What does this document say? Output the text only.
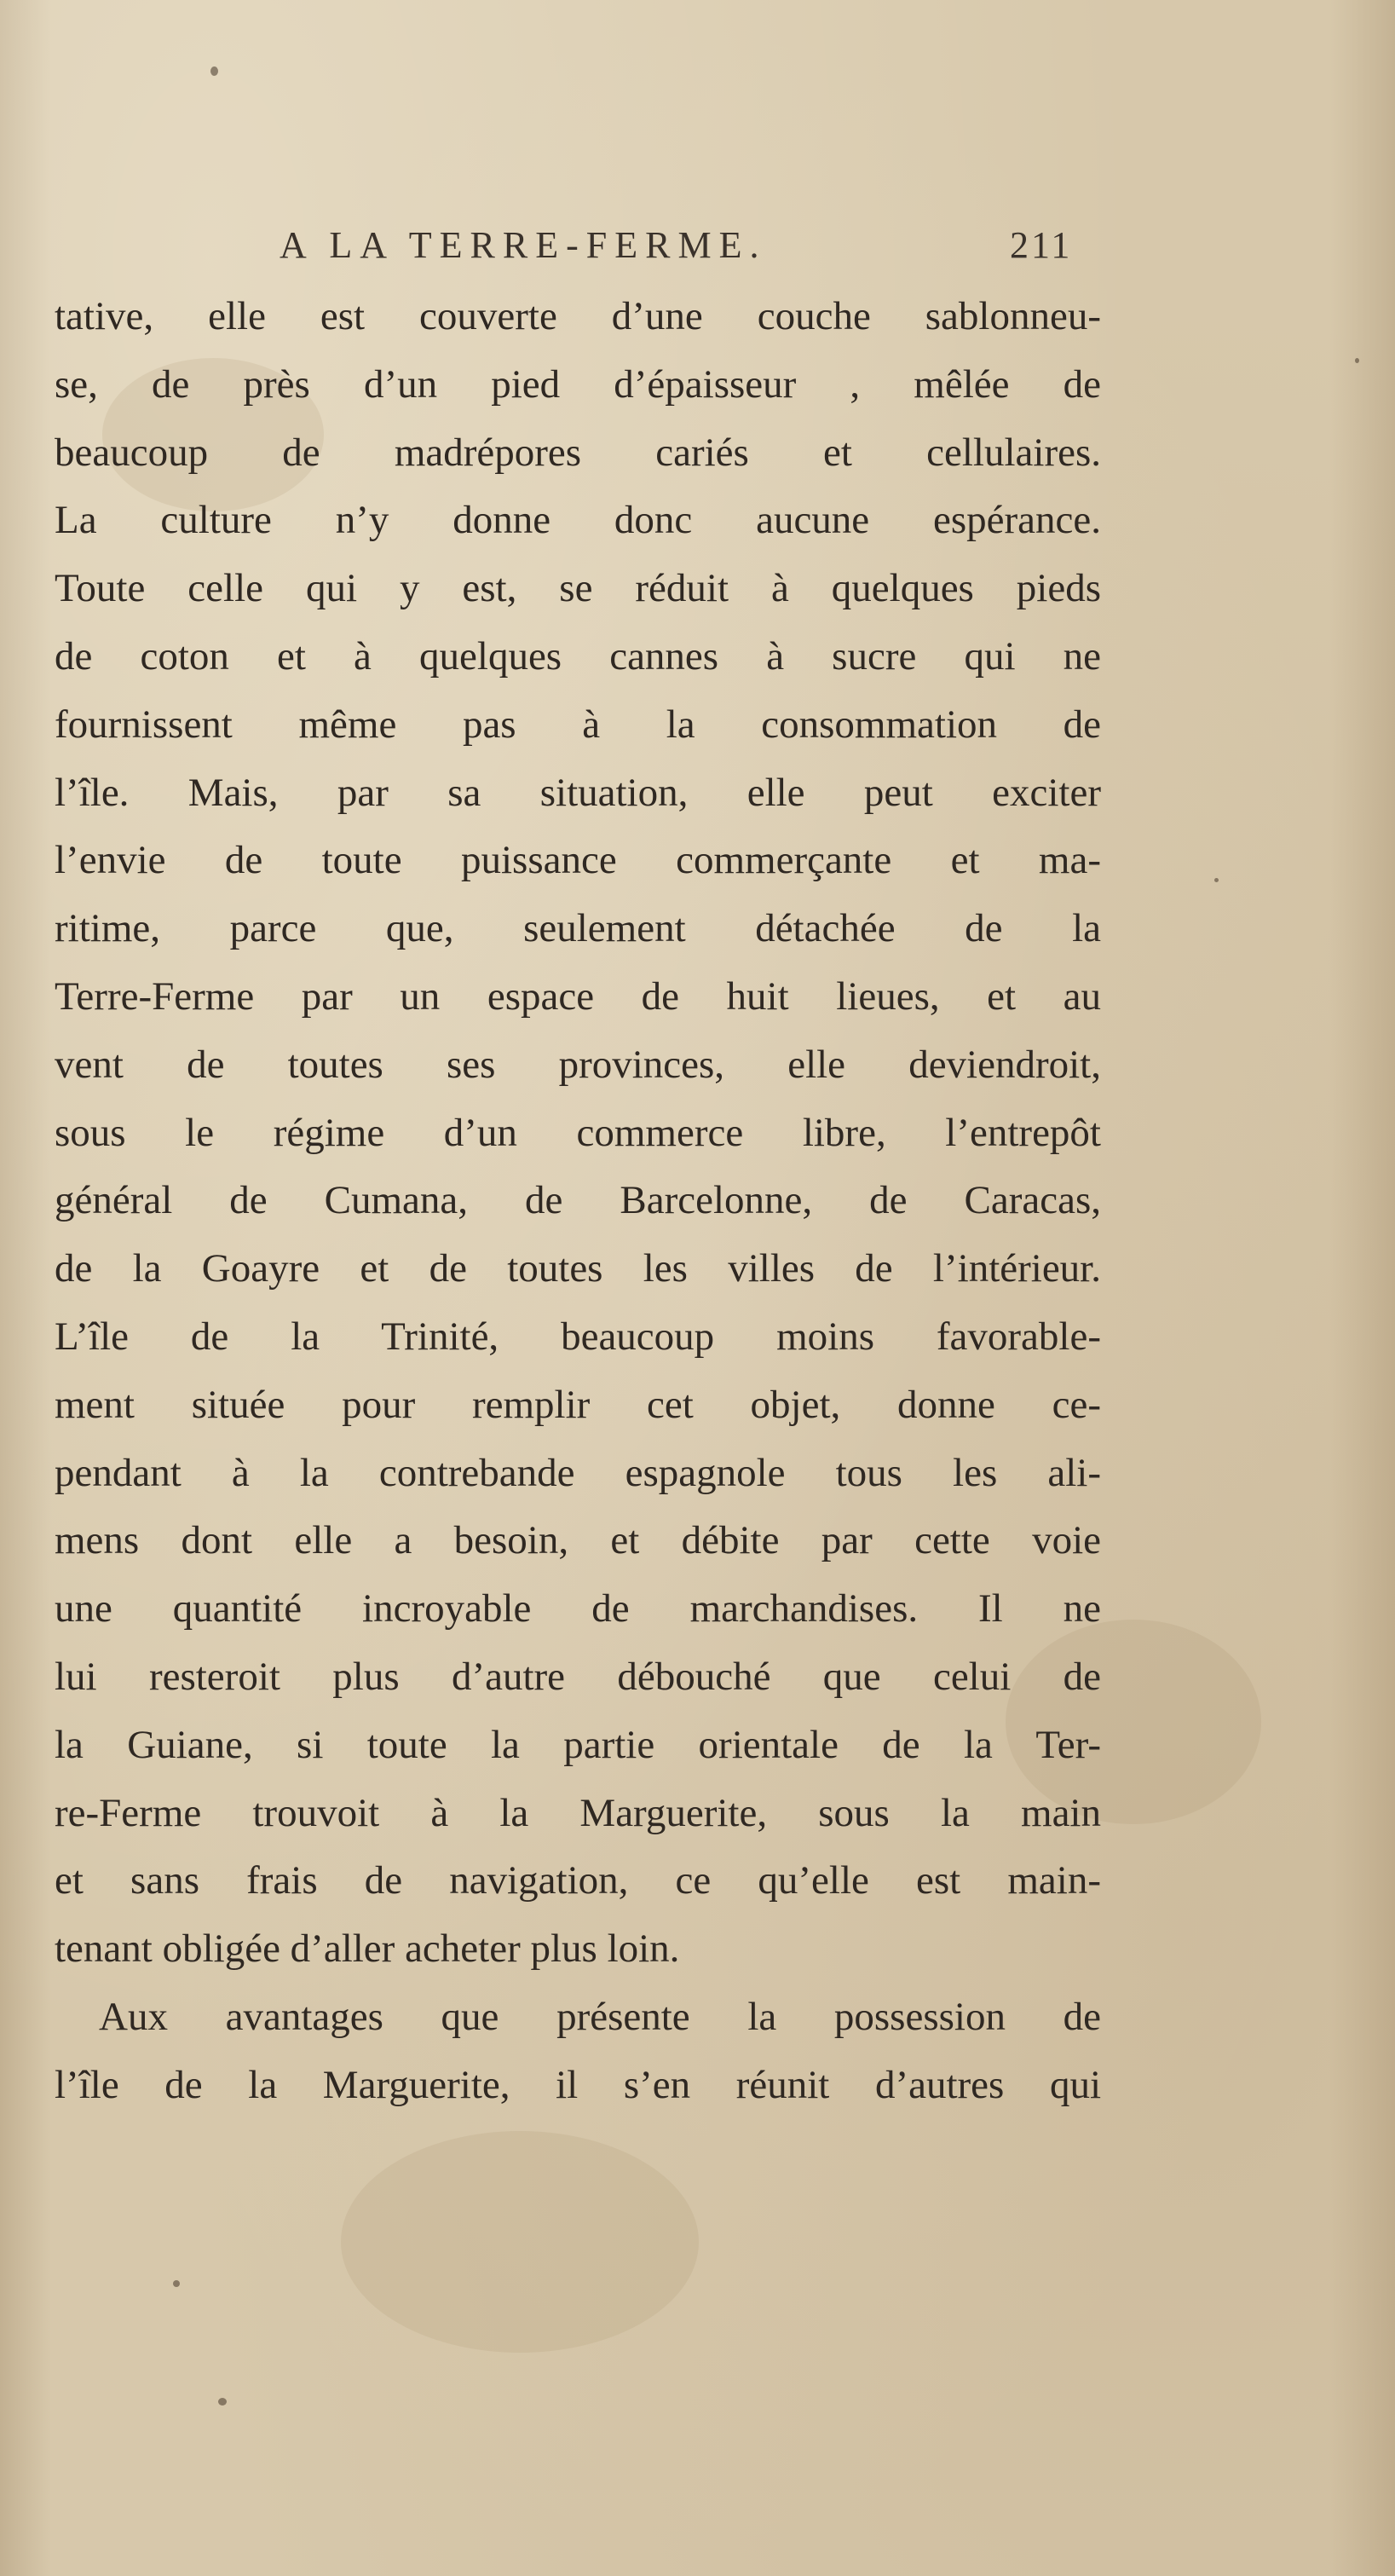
A LA TERRE-FERME.	211
tative, elle est couverte d’une couche sablonneu-
se, de près d’un pied d’épaisseur , mêlée de
beaucoup de madrépores cariés et cellulaires.
La culture n’y donne donc aucune espérance.
Toute celle qui y est, se réduit à quelques pieds
de coton et à quelques cannes à sucre qui ne
fournissent même pas à la consommation de
l’île. Mais, par sa situation, elle peut exciter
l’envie de toute puissance commerçante et ma-
ritime, parce que, seulement détachée de la
Terre-Ferme par un espace de huit lieues, et au
vent de toutes ses provinces, elle deviendroit,
sous le régime d’un commerce libre, l’entrepôt
général de Cumana, de Barcelonne, de Caracas,
de la Goayre et de toutes les villes de l’intérieur.
L’île de la Trinité, beaucoup moins favorable-
ment située pour remplir cet objet, donne ce-
pendant à la contrebande espagnole tous les ali-
mens dont elle a besoin, et débite par cette voie
une quantité incroyable de marchandises. Il ne
lui resteroit plus d’autre débouché que celui de
la Guiane, si toute la partie orientale de la Ter-
re-Ferme trouvoit à la Marguerite, sous la main
et sans frais de navigation, ce qu’elle est main-
tenant obligée d’aller acheter plus loin.
Aux avantages que présente la possession de
l’île de la Marguerite, il s’en réunit d’autres qui
